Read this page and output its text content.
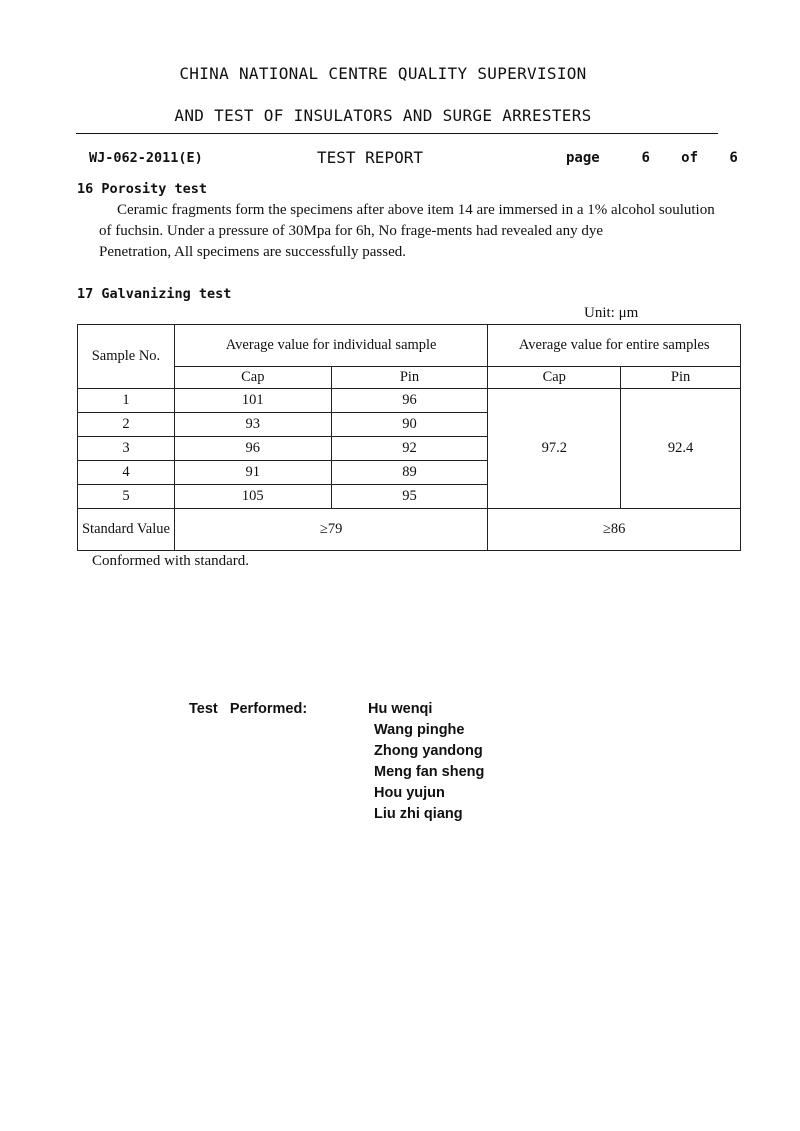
CHINA NATIONAL CENTRE QUALITY SUPERVISION
AND TEST OF INSULATORS AND SURGE ARRESTERS
WJ-062-2011(E)	TEST REPORT	page	6 of 6
16 Porosity test
Ceramic fragments form the specimens after above item 14 are immersed in a 1% alcohol soulution
of fuchsin. Under a pressure of 30Mpa for 6h, No frage-ments had revealed any dye
Penetration, All specimens are successfully passed.
17 Galvanizing test
Unit: μm
Sample No.	Average value for individual sample		Average value for entire samples	
	Cap	Pin	Cap	Pin
1	101	96	97.2	92.4
2	93	90		
3	96	92		
4	91	89		
5	105	95		
Standard Value	≥79		≥86	
Conformed with standard.
Test   Performed:	Hu wenqi
Wang pinghe
Zhong yandong
Meng fan sheng
Hou yujun
Liu zhi qiang
